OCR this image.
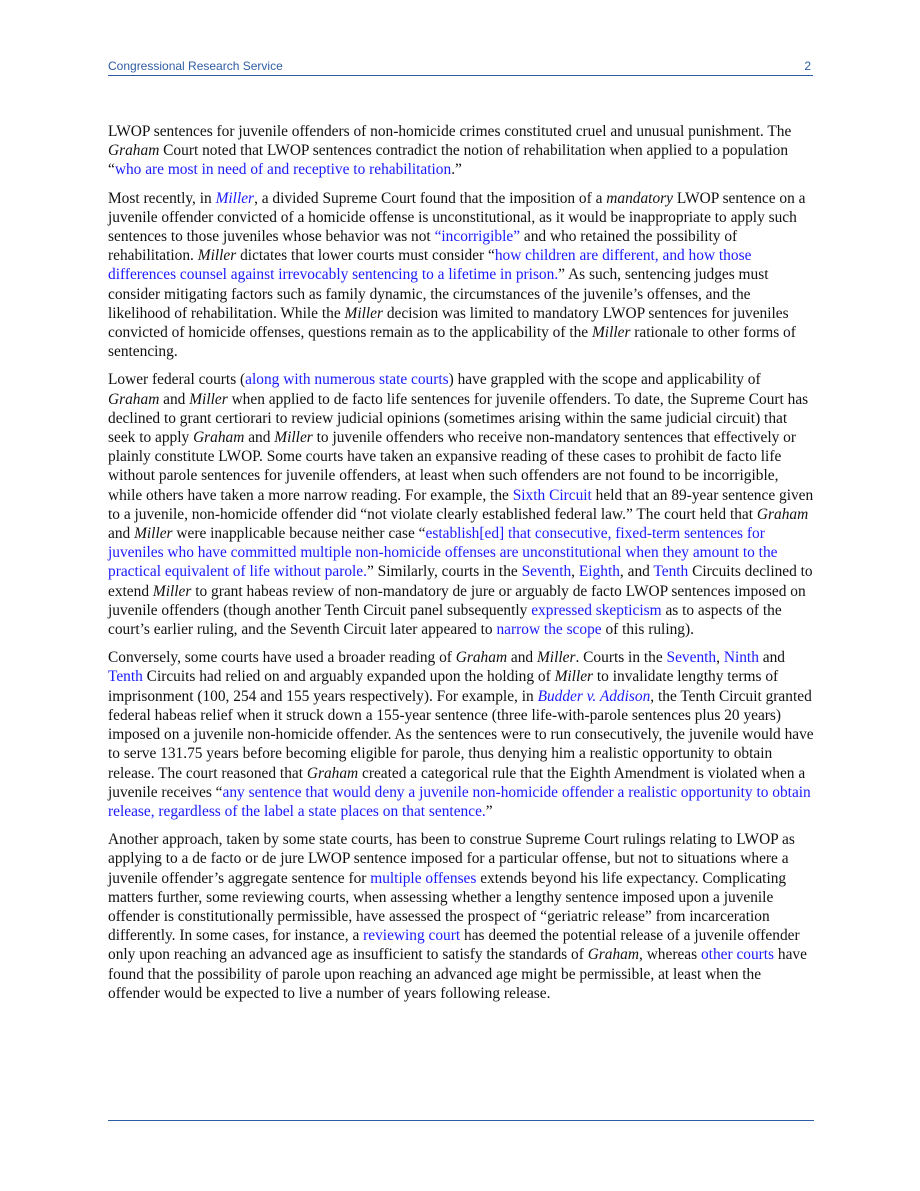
Congressional Research Service	2

LWOP sentences for juvenile offenders of non-homicide crimes constituted cruel and unusual punishment. The Graham Court noted that LWOP sentences contradict the notion of rehabilitation when applied to a population “who are most in need of and receptive to rehabilitation.”

Most recently, in Miller, a divided Supreme Court found that the imposition of a mandatory LWOP sentence on a juvenile offender convicted of a homicide offense is unconstitutional, as it would be inappropriate to apply such sentences to those juveniles whose behavior was not “incorrigible” and who retained the possibility of rehabilitation. Miller dictates that lower courts must consider “how children are different, and how those differences counsel against irrevocably sentencing to a lifetime in prison.” As such, sentencing judges must consider mitigating factors such as family dynamic, the circumstances of the juvenile’s offenses, and the likelihood of rehabilitation. While the Miller decision was limited to mandatory LWOP sentences for juveniles convicted of homicide offenses, questions remain as to the applicability of the Miller rationale to other forms of sentencing.

Lower federal courts (along with numerous state courts) have grappled with the scope and applicability of Graham and Miller when applied to de facto life sentences for juvenile offenders. To date, the Supreme Court has declined to grant certiorari to review judicial opinions (sometimes arising within the same judicial circuit) that seek to apply Graham and Miller to juvenile offenders who receive non-mandatory sentences that effectively or plainly constitute LWOP. Some courts have taken an expansive reading of these cases to prohibit de facto life without parole sentences for juvenile offenders, at least when such offenders are not found to be incorrigible, while others have taken a more narrow reading. For example, the Sixth Circuit held that an 89-year sentence given to a juvenile, non-homicide offender did “not violate clearly established federal law.” The court held that Graham and Miller were inapplicable because neither case “establish[ed] that consecutive, fixed-term sentences for juveniles who have committed multiple non-homicide offenses are unconstitutional when they amount to the practical equivalent of life without parole.” Similarly, courts in the Seventh, Eighth, and Tenth Circuits declined to extend Miller to grant habeas review of non-mandatory de jure or arguably de facto LWOP sentences imposed on juvenile offenders (though another Tenth Circuit panel subsequently expressed skepticism as to aspects of the court’s earlier ruling, and the Seventh Circuit later appeared to narrow the scope of this ruling).

Conversely, some courts have used a broader reading of Graham and Miller. Courts in the Seventh, Ninth and Tenth Circuits had relied on and arguably expanded upon the holding of Miller to invalidate lengthy terms of imprisonment (100, 254 and 155 years respectively). For example, in Budder v. Addison, the Tenth Circuit granted federal habeas relief when it struck down a 155-year sentence (three life-with-parole sentences plus 20 years) imposed on a juvenile non-homicide offender. As the sentences were to run consecutively, the juvenile would have to serve 131.75 years before becoming eligible for parole, thus denying him a realistic opportunity to obtain release. The court reasoned that Graham created a categorical rule that the Eighth Amendment is violated when a juvenile receives “any sentence that would deny a juvenile non-homicide offender a realistic opportunity to obtain release, regardless of the label a state places on that sentence.”

Another approach, taken by some state courts, has been to construe Supreme Court rulings relating to LWOP as applying to a de facto or de jure LWOP sentence imposed for a particular offense, but not to situations where a juvenile offender’s aggregate sentence for multiple offenses extends beyond his life expectancy. Complicating matters further, some reviewing courts, when assessing whether a lengthy sentence imposed upon a juvenile offender is constitutionally permissible, have assessed the prospect of “geriatric release” from incarceration differently. In some cases, for instance, a reviewing court has deemed the potential release of a juvenile offender only upon reaching an advanced age as insufficient to satisfy the standards of Graham, whereas other courts have found that the possibility of parole upon reaching an advanced age might be permissible, at least when the offender would be expected to live a number of years following release.
